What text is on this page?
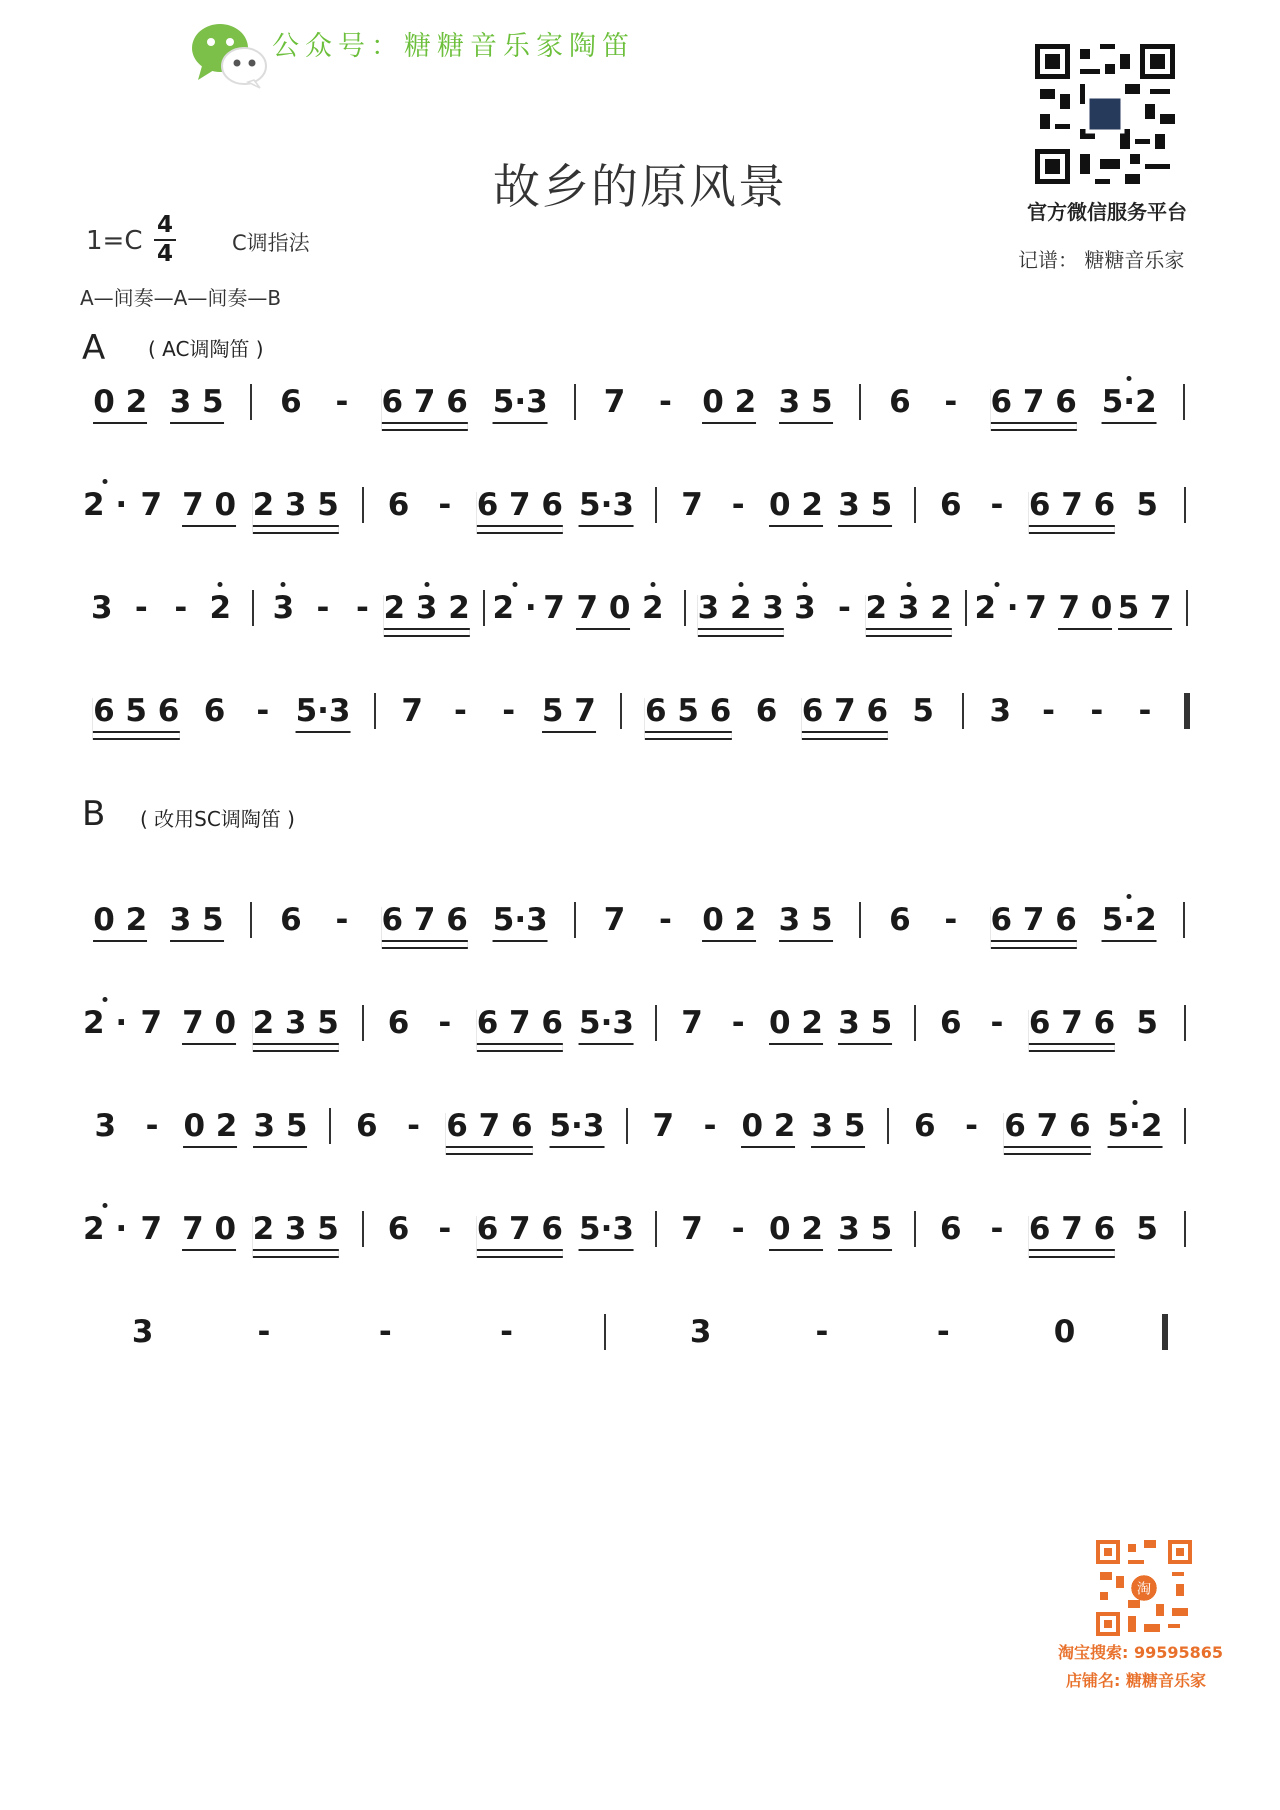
公众号：糖糖音乐家陶笛
故乡的原风景	官方微信服务平台
记谱： 糖糖音乐家
1=C
4
4	C调指法
A—间奏—A—间奏—B
A ( AC调陶笛 )
B ( 改用SC调陶笛 )
0 2 3 5 6 - 6 7 6 5·3 7 - 0 2 3 5 6 - 6 7 6 5·2
2 · 7 7 0 2 3 5 6 - 6 7 6 5·3 7 - 0 2 3 5 6 - 6 7 6 5
3 - - 2 3 - - 2 3 2 2 · 7 7 0 2 3 2 3 3 - 2 3 2 2 · 7 7 0 5 7
6 5 6 6 - 5·3 7 - - 5 7 6 5 6 6 6 7 6 5 3 - - -
0 2 3 5 6 - 6 7 6 5·3 7 - 0 2 3 5 6 - 6 7 6 5·2
2 · 7 7 0 2 3 5 6 - 6 7 6 5·3 7 - 0 2 3 5 6 - 6 7 6 5
3 - 0 2 3 5 6 - 6 7 6 5·3 7 - 0 2 3 5 6 - 6 7 6 5·2
2 · 7 7 0 2 3 5 6 - 6 7 6 5·3 7 - 0 2 3 5 6 - 6 7 6 5
3	-	-	-	3	-	-	0
淘
淘宝搜索: 99595865
店铺名: 糖糖音乐家
